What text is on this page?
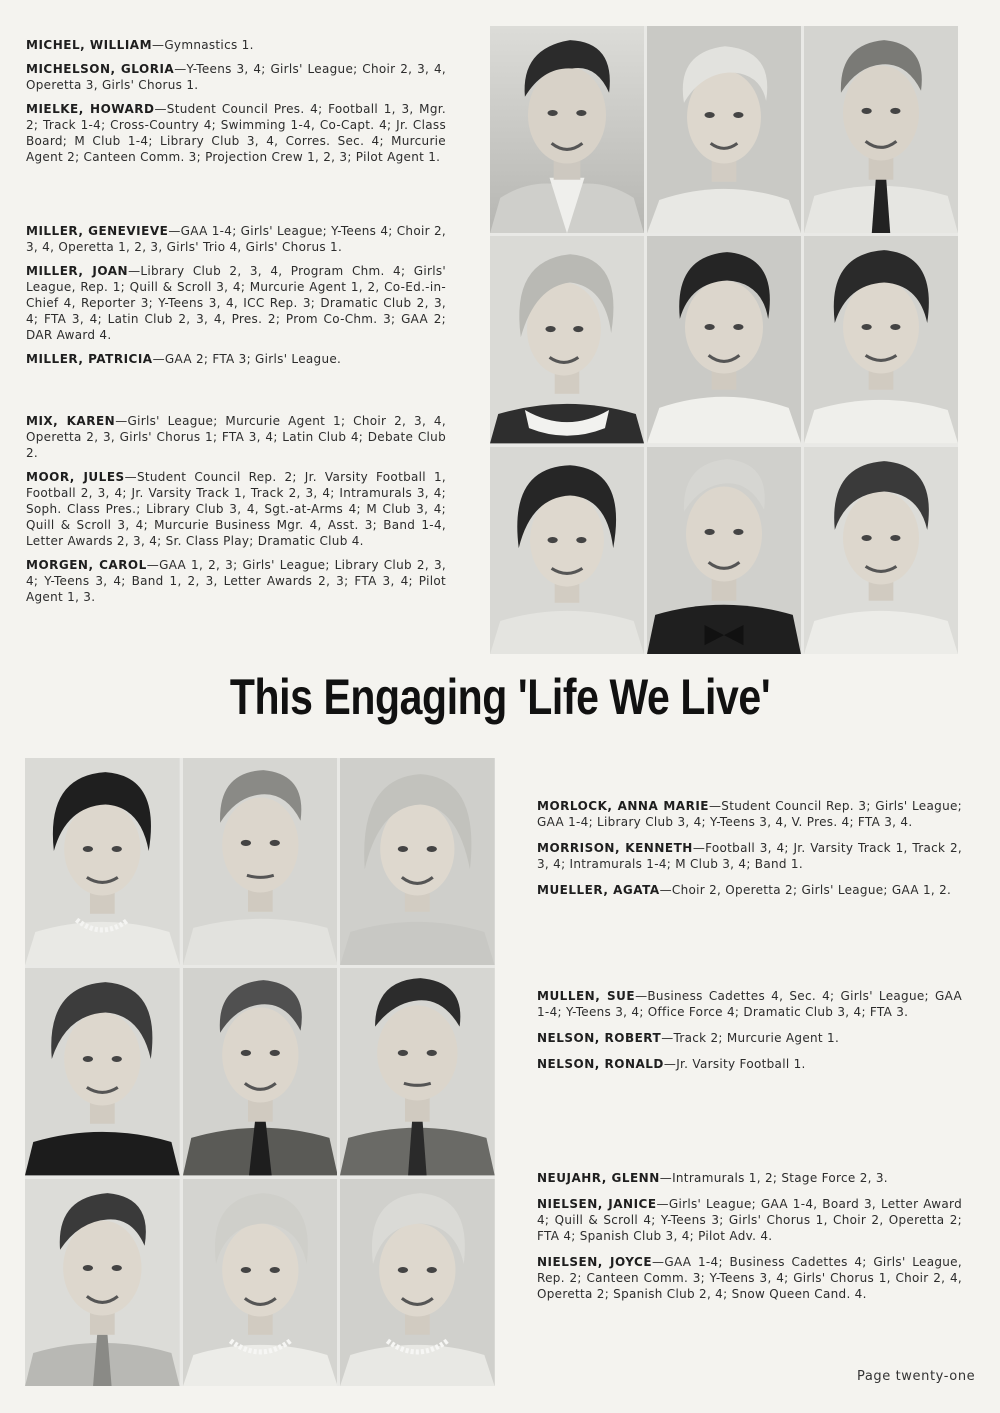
MICHEL, WILLIAM—Gymnastics 1.

MICHELSON, GLORIA—Y-Teens 3, 4; Girls' League; Choir 2, 3, 4, Operetta 3, Girls' Chorus 1.

MIELKE, HOWARD—Student Council Pres. 4; Football 1, 3, Mgr. 2; Track 1-4; Cross-Country 4; Swimming 1-4, Co-Capt. 4; Jr. Class Board; M Club 1-4; Library Club 3, 4, Corres. Sec. 4; Murcurie Agent 2; Canteen Comm. 3; Projection Crew 1, 2, 3; Pilot Agent 1.

MILLER, GENEVIEVE—GAA 1-4; Girls' League; Y-Teens 4; Choir 2, 3, 4, Operetta 1, 2, 3, Girls' Trio 4, Girls' Chorus 1.

MILLER, JOAN—Library Club 2, 3, 4, Program Chm. 4; Girls' League, Rep. 1; Quill & Scroll 3, 4; Murcurie Agent 1, 2, Co-Ed.-in-Chief 4, Reporter 3; Y-Teens 3, 4, ICC Rep. 3; Dramatic Club 2, 3, 4; FTA 3, 4; Latin Club 2, 3, 4, Pres. 2; Prom Co-Chm. 3; GAA 2; DAR Award 4.

MILLER, PATRICIA—GAA 2; FTA 3; Girls' League.

MIX, KAREN—Girls' League; Murcurie Agent 1; Choir 2, 3, 4, Operetta 2, 3, Girls' Chorus 1; FTA 3, 4; Latin Club 4; Debate Club 2.

MOOR, JULES—Student Council Rep. 2; Jr. Varsity Football 1, Football 2, 3, 4; Jr. Varsity Track 1, Track 2, 3, 4; Intramurals 3, 4; Soph. Class Pres.; Library Club 3, 4, Sgt.-at-Arms 4; M Club 3, 4; Quill & Scroll 3, 4; Murcurie Business Mgr. 4, Asst. 3; Band 1-4, Letter Awards 2, 3, 4; Sr. Class Play; Dramatic Club 4.

MORGEN, CAROL—GAA 1, 2, 3; Girls' League; Library Club 2, 3, 4; Y-Teens 3, 4; Band 1, 2, 3, Letter Awards 2, 3; FTA 3, 4; Pilot Agent 1, 3.

This Engaging 'Life We Live'

MORLOCK, ANNA MARIE—Student Council Rep. 3; Girls' League; GAA 1-4; Library Club 3, 4; Y-Teens 3, 4, V. Pres. 4; FTA 3, 4.

MORRISON, KENNETH—Football 3, 4; Jr. Varsity Track 1, Track 2, 3, 4; Intramurals 1-4; M Club 3, 4; Band 1.

MUELLER, AGATA—Choir 2, Operetta 2; Girls' League; GAA 1, 2.

MULLEN, SUE—Business Cadettes 4, Sec. 4; Girls' League; GAA 1-4; Y-Teens 3, 4; Office Force 4; Dramatic Club 3, 4; FTA 3.

NELSON, ROBERT—Track 2; Murcurie Agent 1.

NELSON, RONALD—Jr. Varsity Football 1.

NEUJAHR, GLENN—Intramurals 1, 2; Stage Force 2, 3.

NIELSEN, JANICE—Girls' League; GAA 1-4, Board 3, Letter Award 4; Quill & Scroll 4; Y-Teens 3; Girls' Chorus 1, Choir 2, Operetta 2; FTA 4; Spanish Club 3, 4; Pilot Adv. 4.

NIELSEN, JOYCE—GAA 1-4; Business Cadettes 4; Girls' League, Rep. 2; Canteen Comm. 3; Y-Teens 3, 4; Girls' Chorus 1, Choir 2, 4, Operetta 2; Spanish Club 2, 4; Snow Queen Cand. 4.

Page twenty-one
